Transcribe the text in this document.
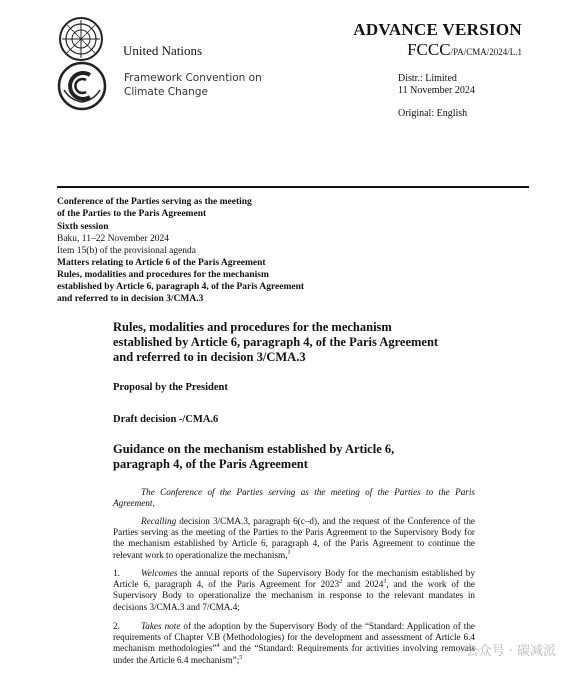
United Nations
ADVANCE VERSION
FCCC/PA/CMA/2024/L.1
Framework Convention on
Climate Change
Distr.: Limited
11 November 2024
Original: English
Conference of the Parties serving as the meeting
of the Parties to the Paris Agreement
Sixth session
Baku, 11–22 November 2024
Item 15(b) of the provisional agenda
Matters relating to Article 6 of the Paris Agreement
Rules, modalities and procedures for the mechanism
established by Article 6, paragraph 4, of the Paris Agreement
and referred to in decision 3/CMA.3
Rules, modalities and procedures for the mechanism
established by Article 6, paragraph 4, of the Paris Agreement
and referred to in decision 3/CMA.3
Proposal by the President
Draft decision -/CMA.6
Guidance on the mechanism established by Article 6,
paragraph 4, of the Paris Agreement
The Conference of the Parties serving as the meeting of the Parties to the Paris Agreement,
Recalling decision 3/CMA.3, paragraph 6(c–d), and the request of the Conference of the Parties serving as the meeting of the Parties to the Paris Agreement to the Supervisory Body for the mechanism established by Article 6, paragraph 4, of the Paris Agreement to continue the relevant work to operationalize the mechanism,$^1$
1. Welcomes the annual reports of the Supervisory Body for the mechanism established by Article 6, paragraph 4, of the Paris Agreement for 2023$^2$ and 2024$^3$, and the work of the Supervisory Body to operationalize the mechanism in response to the relevant mandates in decisions 3/CMA.3 and 7/CMA.4;
2. Takes note of the adoption by the Supervisory Body of the “Standard: Application of the requirements of Chapter V.B (Methodologies) for the development and assessment of Article 6.4 mechanism methodologies”$^4$ and the “Standard: Requirements for activities involving removals under the Article 6.4 mechanism”;$^5$	公众号 · 碳减派
